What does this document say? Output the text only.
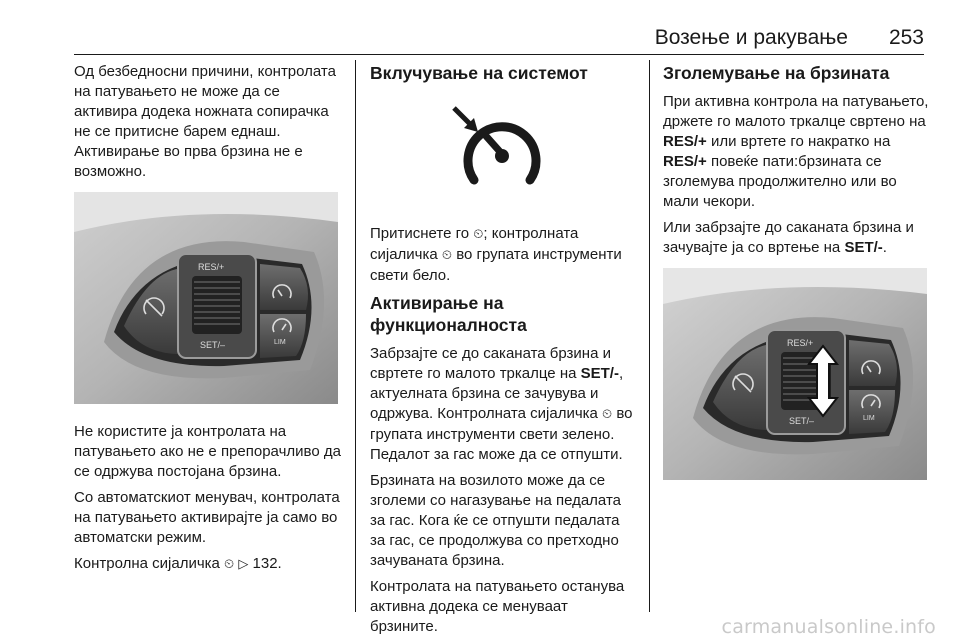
Возење и ракување 253

Од безбедносни причини, контролата на патувањето не може да се активира додека ножната сопирачка не се притисне барем еднаш. Активирање во прва брзина не е возможно.

RES/+
SET/–	LIM

Не користите ја контролата на патувањето ако не е препорачливо да се одржува постојана брзина.

Со автоматскиот менувач, контролата на патувањето активирајте ја само во автоматски режим.

Контролна сијаличка ⏲ ▷ 132.

Вклучување на системот

Притиснете го ⏲; контролната сијаличка ⏲ во групата инструменти свети бело.

Активирање на функционалноста

Забрзајте се до саканата брзина и свртете го малото тркалце на SET/-, актуелната брзина се зачувува и одржува. Контролната сијаличка ⏲ во групата инструменти свети зелено. Педалот за гас може да се отпушти.

Брзината на возилото може да се зголеми со нагазување на педалата за гас. Кога ќе се отпушти педалата за гас, се продолжува со претходно зачуваната брзина.

Контролата на патувањето останува активна додека се менуваат брзините.

Зголемување на брзината

При активна контрола на патувањето, држете го малото тркалце свртено на RES/+ или вртете го накратко на RES/+ повеќе пати:брзината се зголемува продолжително или во мали чекори.

Или забрзајте до саканата брзина и зачувајте ја со вртење на SET/-.

RES/+
SET/–	LIM
carmanualsonline.info
